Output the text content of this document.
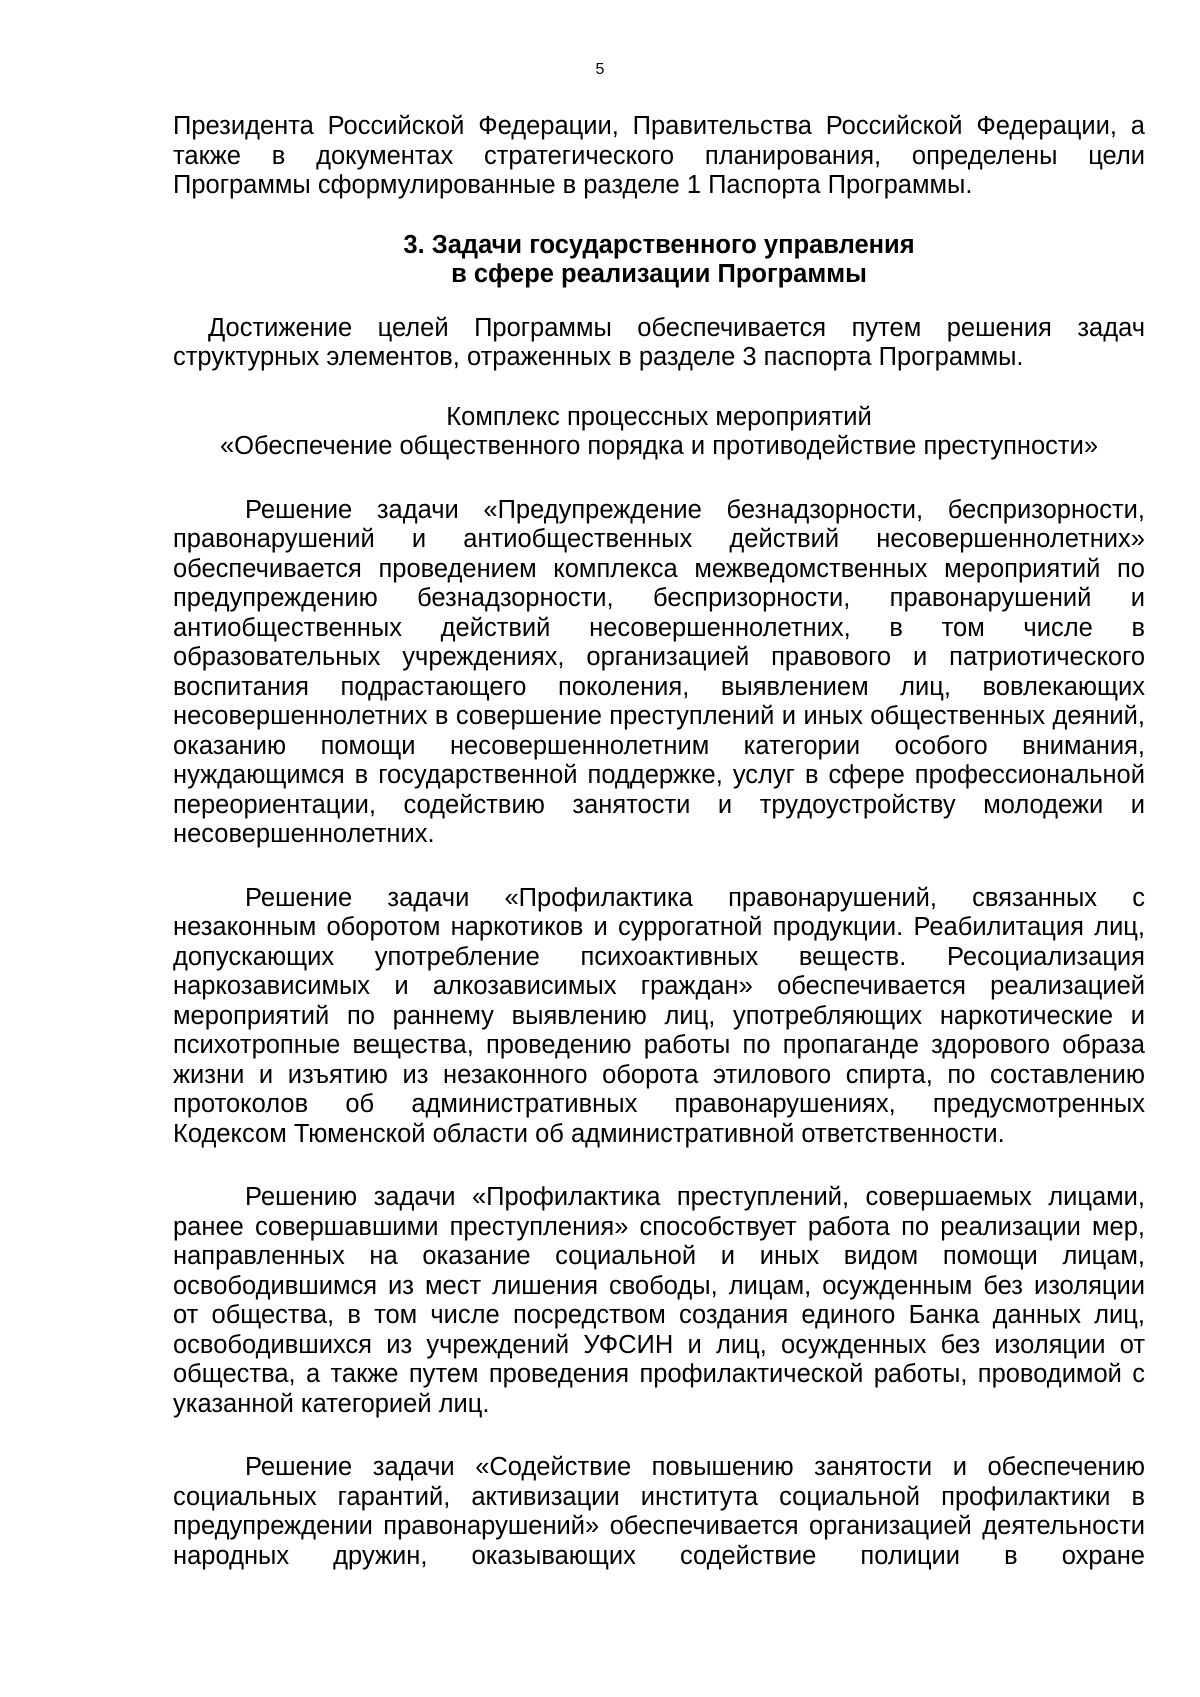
5

Президента Российской Федерации, Правительства Российской Федерации, а также в документах стратегического планирования, определены цели Программы сформулированные в разделе 1 Паспорта Программы.

3. Задачи государственного управления

в сфере реализации Программы

Достижение целей Программы обеспечивается путем решения задач структурных элементов, отраженных в разделе 3 паспорта Программы.

Комплекс процессных мероприятий

«Обеспечение общественного порядка и противодействие преступности»

Решение задачи «Предупреждение безнадзорности, беспризорности, правонарушений и антиобщественных действий несовершеннолетних» обеспечивается проведением комплекса межведомственных мероприятий по предупреждению безнадзорности, беспризорности, правонарушений и антиобщественных действий несовершеннолетних, в том числе в образовательных учреждениях, организацией правового и патриотического воспитания подрастающего поколения, выявлением лиц, вовлекающих несовершеннолетних в совершение преступлений и иных общественных деяний, оказанию помощи несовершеннолетним категории особого внимания, нуждающимся в государственной поддержке, услуг в сфере профессиональной переориентации, содействию занятости и трудоустройству молодежи и несовершеннолетних.

Решение задачи «Профилактика правонарушений, связанных с незаконным оборотом наркотиков и суррогатной продукции. Реабилитация лиц, допускающих употребление психоактивных веществ. Ресоциализация наркозависимых и алкозависимых граждан» обеспечивается реализацией мероприятий по раннему выявлению лиц, употребляющих наркотические и психотропные вещества, проведению работы по пропаганде здорового образа жизни и изъятию из незаконного оборота этилового спирта, по составлению протоколов об административных правонарушениях, предусмотренных Кодексом Тюменской области об административной ответственности.

Решению задачи «Профилактика преступлений, совершаемых лицами, ранее совершавшими преступления» способствует работа по реализации мер, направленных на оказание социальной и иных видом помощи лицам, освободившимся из мест лишения свободы, лицам, осужденным без изоляции от общества, в том числе посредством создания единого Банка данных лиц, освободившихся из учреждений УФСИН и лиц, осужденных без изоляции от общества, а также путем проведения профилактической работы, проводимой с указанной категорией лиц.

Решение задачи «Содействие повышению занятости и обеспечению социальных гарантий, активизации института социальной профилактики в предупреждении правонарушений» обеспечивается организацией деятельности народных дружин, оказывающих содействие полиции в охране
